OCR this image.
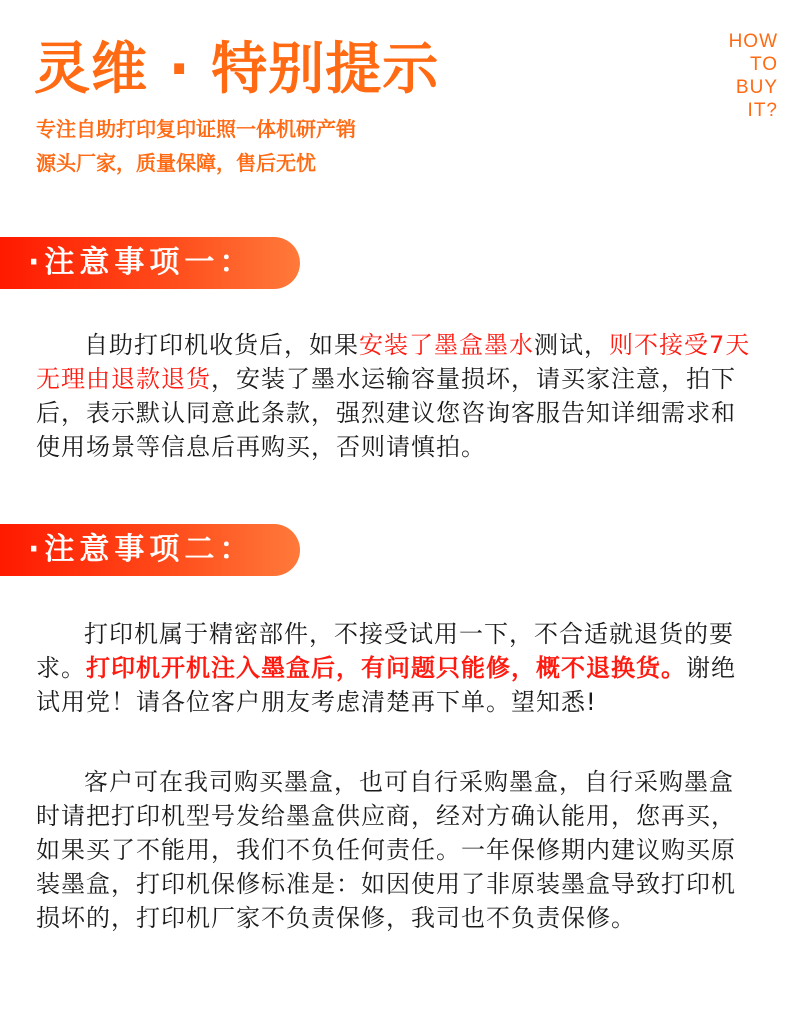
灵维 · 特别提示
专注自助打印复印证照一体机研产销
源头厂家，质量保障，售后无忧
HOW
TO
BUY
IT?
·注意事项一：

自助打印机收货后，如果安装了墨盒墨水测试，则不接受7天无理由退款退货，安装了墨水运输容量损坏，请买家注意，拍下后，表示默认同意此条款，强烈建议您咨询客服告知详细需求和使用场景等信息后再购买，否则请慎拍。

·注意事项二：

打印机属于精密部件，不接受试用一下，不合适就退货的要求。打印机开机注入墨盒后，有问题只能修，概不退换货。谢绝试用党！请各位客户朋友考虑清楚再下单。望知悉!

客户可在我司购买墨盒，也可自行采购墨盒，自行采购墨盒时请把打印机型号发给墨盒供应商，经对方确认能用，您再买，如果买了不能用，我们不负任何责任。一年保修期内建议购买原装墨盒，打印机保修标准是：如因使用了非原装墨盒导致打印机损坏的，打印机厂家不负责保修，我司也不负责保修。
